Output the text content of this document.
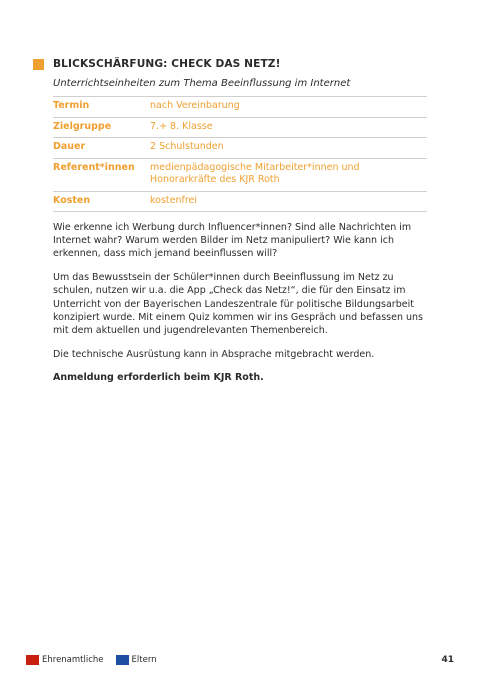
BLICKSCHÄRFUNG: CHECK DAS NETZ!
Unterrichtseinheiten zum Thema Beeinflussung im Internet
Termin	nach Vereinbarung
Zielgruppe	7.+ 8. Klasse
Dauer	2 Schulstunden
Referent*innen	medienpädagogische Mitarbeiter*innen und Honorarkräfte des KJR Roth
Kosten	kostenfrei

Wie erkenne ich Werbung durch Influencer*innen? Sind alle Nachrichten im Internet wahr? Warum werden Bilder im Netz manipuliert? Wie kann ich erkennen, dass mich jemand beeinflussen will?

Um das Bewusstsein der Schüler*innen durch Beeinflussung im Netz zu schulen, nutzen wir u.a. die App „Check das Netz!“, die für den Einsatz im Unterricht von der Bayerischen Landeszentrale für politische Bildungsarbeit konzipiert wurde. Mit einem Quiz kommen wir ins Gespräch und befassen uns mit dem aktuellen und jugendrelevanten Themenbereich.

Die technische Ausrüstung kann in Absprache mitgebracht werden.

Anmeldung erforderlich beim KJR Roth.

Ehrenamtliche	Eltern	41
